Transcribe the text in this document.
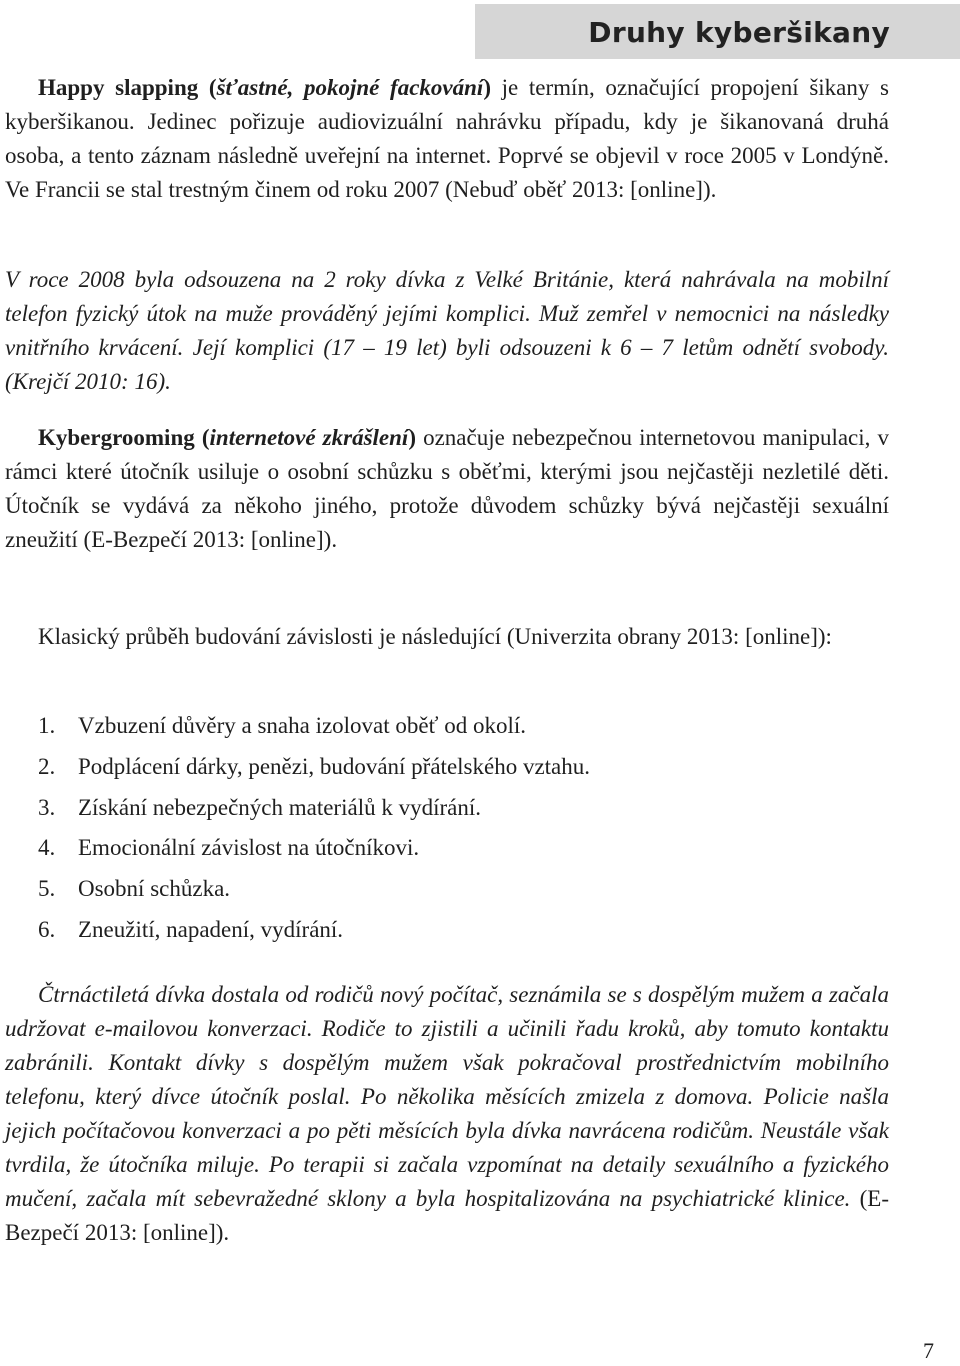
Druhy kyberšikany

Happy slapping (šťastné, pokojné fackování) je termín, označující propojení šikany s kyberšikanou. Jedinec pořizuje audiovizuální nahrávku případu, kdy je šikanovaná druhá osoba, a tento záznam následně uveřejní na internet. Poprvé se objevil v roce 2005 v Londýně. Ve Francii se stal trestným činem od roku 2007 (Nebuď oběť 2013: [online]).

V roce 2008 byla odsouzena na 2 roky dívka z Velké Británie, která nahrávala na mobilní telefon fyzický útok na muže prováděný jejími komplici. Muž zemřel v nemocnici na následky vnitřního krvácení. Její komplici (17 – 19 let) byli odsouzeni k 6 – 7 letům odnětí svobody. (Krejčí 2010: 16).

Kybergrooming (internetové zkrášlení) označuje nebezpečnou internetovou manipulaci, v rámci které útočník usiluje o osobní schůzku s oběťmi, kterými jsou nejčastěji nezletilé děti. Útočník se vydává za někoho jiného, protože důvodem schůzky bývá nejčastěji sexuální zneužití (E-Bezpečí 2013: [online]).

Klasický průběh budování závislosti je následující (Univerzita obrany 2013: [online]):

1. Vzbuzení důvěry a snaha izolovat oběť od okolí.
2. Podplácení dárky, penězi, budování přátelského vztahu.
3. Získání nebezpečných materiálů k vydírání.
4. Emocionální závislost na útočníkovi.
5. Osobní schůzka.
6. Zneužití, napadení, vydírání.

Čtrnáctiletá dívka dostala od rodičů nový počítač, seznámila se s dospělým mužem a začala udržovat e-mailovou konverzaci. Rodiče to zjistili a učinili řadu kroků, aby tomuto kontaktu zabránili. Kontakt dívky s dospělým mužem však pokračoval prostřednictvím mobilního telefonu, který dívce útočník poslal. Po několika měsících zmizela z domova. Policie našla jejich počítačovou konverzaci a po pěti měsících byla dívka navrácena rodičům. Neustále však tvrdila, že útočníka miluje. Po terapii si začala vzpomínat na detaily sexuálního a fyzického mučení, začala mít sebevražedné sklony a byla hospitalizována na psychiatrické klinice. (E-Bezpečí 2013: [online]).

7
